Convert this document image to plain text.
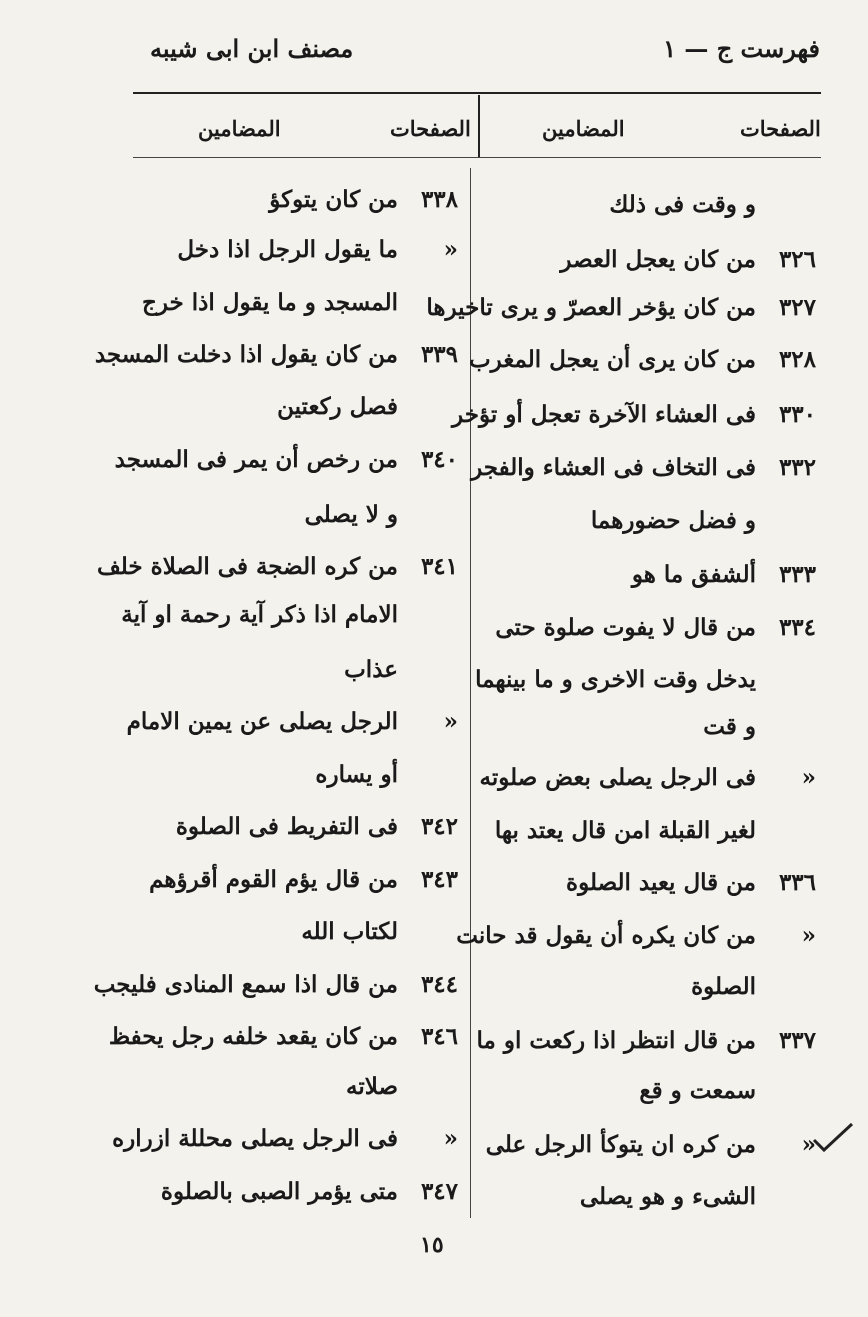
فهرست ج — ١
مصنف ابن ابى شيبه
الصفحات
المضامين
الصفحات
المضامين
و وقت فى ذلك
٣٢٦من كان يعجل العصر
٣٢٧من كان يؤخر العصرّ و يرى تاخيرها
٣٢٨من كان يرى أن يعجل المغرب
٣٣٠فى العشاء الآخرة تعجل أو تؤخر
٣٣٢فى التخاف فى العشاء والفجر
و فضل حضورهما
٣٣٣ألشفق ما هو
٣٣٤من قال لا يفوت صلوة حتى
يدخل وقت الاخرى و ما بينهما
و قت
«فى الرجل يصلى بعض صلوته
لغير القبلة امن قال يعتد بها
٣٣٦من قال يعيد الصلوة
«من كان يكره أن يقول قد حانت
الصلوة
٣٣٧من قال انتظر اذا ركعت او ما
سمعت و قع
«من كره ان يتوكأ الرجل على
الشىء و هو يصلى
٣٣٨من كان يتوكؤ
«ما يقول الرجل اذا دخل
المسجد و ما يقول اذا خرج
٣٣٩من كان يقول اذا دخلت المسجد
فصل ركعتين
٣٤٠من رخص أن يمر فى المسجد
و لا يصلى
٣٤١من كره الضجة فى الصلاة خلف
الامام اذا ذكر آية رحمة او آية
عذاب
«الرجل يصلى عن يمين الامام
أو يساره
٣٤٢فى التفريط فى الصلوة
٣٤٣من قال يؤم القوم أقرؤهم
لكتاب الله
٣٤٤من قال اذا سمع المنادى فليجب
٣٤٦من كان يقعد خلفه رجل يحفظ
صلاته
«فى الرجل يصلى محللة ازراره
٣٤٧متى يؤمر الصبى بالصلوة
١٥
